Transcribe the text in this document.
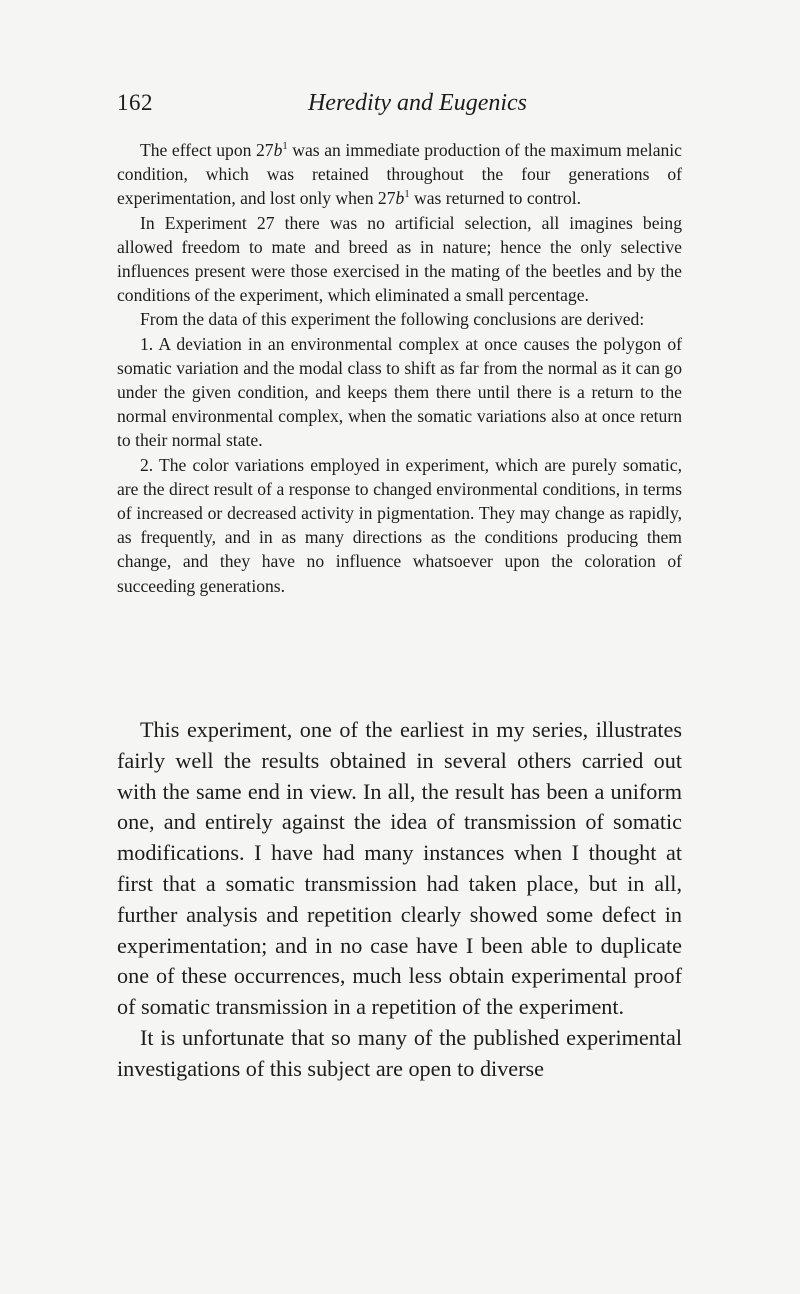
162	Heredity and Eugenics

The effect upon $27b^1$ was an immediate production of the maximum melanic condition, which was retained throughout the four generations of experimentation, and lost only when $27b^1$ was returned to control.

In Experiment 27 there was no artificial selection, all imagines being allowed freedom to mate and breed as in nature; hence the only selective influences present were those exercised in the mating of the beetles and by the conditions of the experiment, which eliminated a small percentage.

From the data of this experiment the following conclusions are derived:

1. A deviation in an environmental complex at once causes the polygon of somatic variation and the modal class to shift as far from the normal as it can go under the given condition, and keeps them there until there is a return to the normal environmental complex, when the somatic variations also at once return to their normal state.

2. The color variations employed in experiment, which are purely somatic, are the direct result of a response to changed environmental conditions, in terms of increased or decreased activity in pigmentation. They may change as rapidly, as frequently, and in as many directions as the conditions producing them change, and they have no influence whatsoever upon the coloration of succeeding generations.

This experiment, one of the earliest in my series, illustrates fairly well the results obtained in several others carried out with the same end in view. In all, the result has been a uniform one, and entirely against the idea of transmission of somatic modifications. I have had many instances when I thought at first that a somatic transmission had taken place, but in all, further analysis and repetition clearly showed some defect in experimentation; and in no case have I been able to duplicate one of these occurrences, much less obtain experimental proof of somatic transmission in a repetition of the experiment.

It is unfortunate that so many of the published experimental investigations of this subject are open to diverse
